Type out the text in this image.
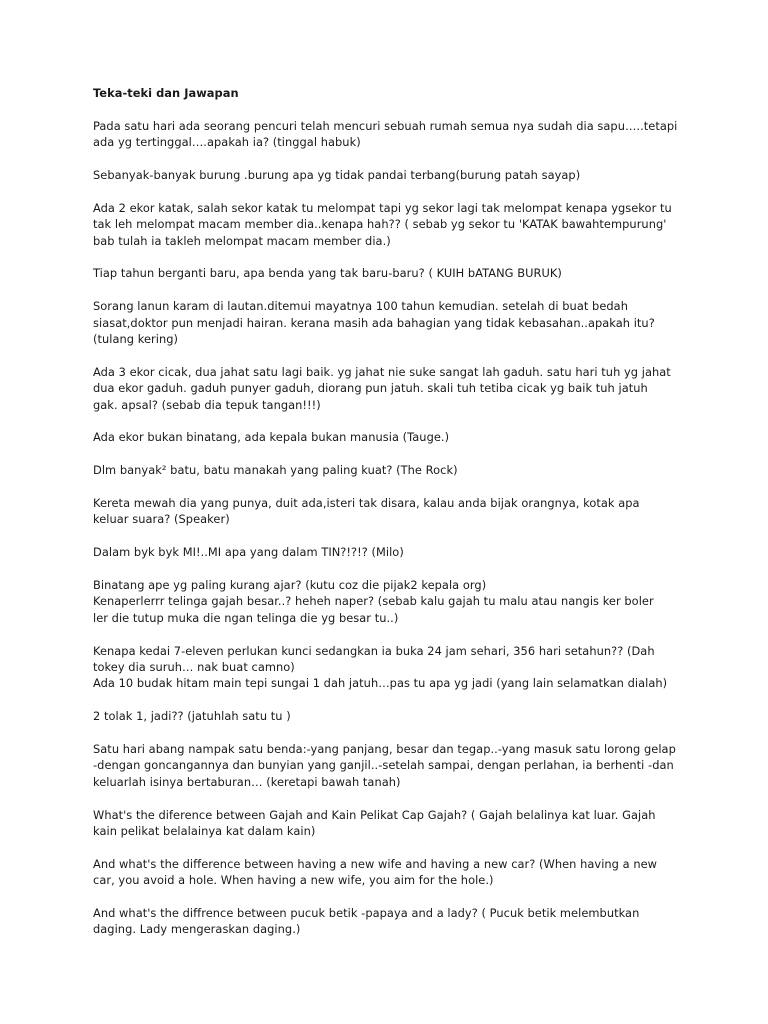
Teka-teki dan Jawapan
Pada satu hari ada seorang pencuri telah mencuri sebuah rumah semua nya sudah dia sapu…..tetapi
ada yg tertinggal….apakah ia? (tinggal habuk)
Sebanyak-banyak burung .burung apa yg tidak pandai terbang(burung patah sayap)
Ada 2 ekor katak, salah sekor katak tu melompat tapi yg sekor lagi tak melompat kenapa ygsekor tu
tak leh melompat macam member dia..kenapa hah?? ( sebab yg sekor tu 'KATAK bawahtempurung'
bab tulah ia takleh melompat macam member dia.)
Tiap tahun berganti baru, apa benda yang tak baru-baru? ( KUIH bATANG BURUK)
Sorang lanun karam di lautan.ditemui mayatnya 100 tahun kemudian. setelah di buat bedah
siasat,doktor pun menjadi hairan. kerana masih ada bahagian yang tidak kebasahan..apakah itu?
(tulang kering)
Ada 3 ekor cicak, dua jahat satu lagi baik. yg jahat nie suke sangat lah gaduh. satu hari tuh yg jahat
dua ekor gaduh. gaduh punyer gaduh, diorang pun jatuh. skali tuh tetiba cicak yg baik tuh jatuh
gak. apsal? (sebab dia tepuk tangan!!!)
Ada ekor bukan binatang, ada kepala bukan manusia (Tauge.)
Dlm banyak² batu, batu manakah yang paling kuat? (The Rock)
Kereta mewah dia yang punya, duit ada,isteri tak disara, kalau anda bijak orangnya, kotak apa
keluar suara? (Speaker)
Dalam byk byk MI!..MI apa yang dalam TIN?!?!? (Milo)
Binatang ape yg paling kurang ajar? (kutu coz die pijak2 kepala org)
Kenaperlerrr telinga gajah besar..? heheh naper? (sebab kalu gajah tu malu atau nangis ker boler
ler die tutup muka die ngan telinga die yg besar tu..)
Kenapa kedai 7-eleven perlukan kunci sedangkan ia buka 24 jam sehari, 356 hari setahun?? (Dah
tokey dia suruh… nak buat camno)
Ada 10 budak hitam main tepi sungai 1 dah jatuh…pas tu apa yg jadi (yang lain selamatkan dialah)
2 tolak 1, jadi?? (jatuhlah satu tu )
Satu hari abang nampak satu benda:-yang panjang, besar dan tegap..-yang masuk satu lorong gelap
-dengan goncangannya dan bunyian yang ganjil..-setelah sampai, dengan perlahan, ia berhenti -dan
keluarlah isinya bertaburan… (keretapi bawah tanah)
What's the diference between Gajah and Kain Pelikat Cap Gajah? ( Gajah belalinya kat luar. Gajah
kain pelikat belalainya kat dalam kain)
And what's the difference between having a new wife and having a new car? (When having a new
car, you avoid a hole. When having a new wife, you aim for the hole.)
And what's the diffrence between pucuk betik -papaya and a lady? ( Pucuk betik melembutkan
daging. Lady mengeraskan daging.)
